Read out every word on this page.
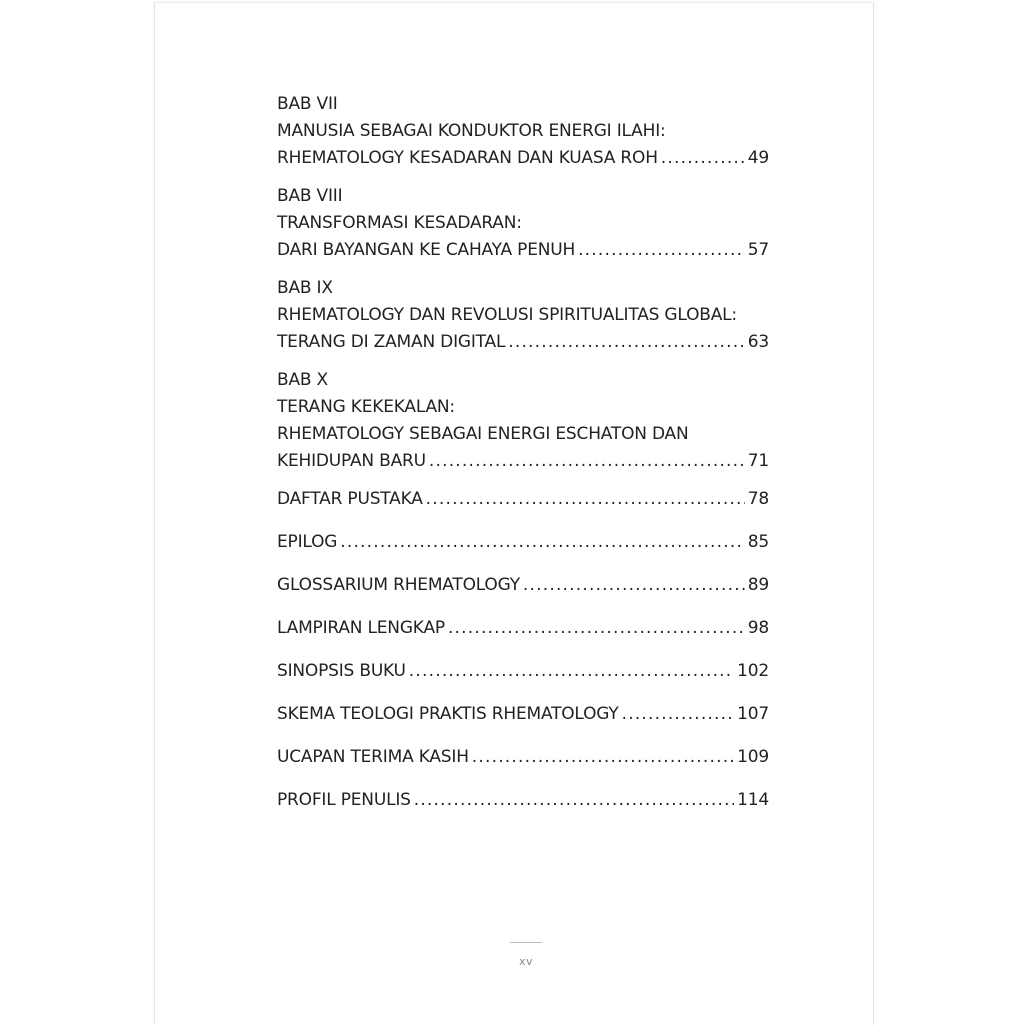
BAB VII
MANUSIA SEBAGAI KONDUKTOR ENERGI ILAHI:
RHEMATOLOGY KESADARAN DAN KUASA ROH .....	49
BAB VIII
TRANSFORMASI KESADARAN:
DARI BAYANGAN KE CAHAYA PENUH .....	57
BAB IX
RHEMATOLOGY DAN REVOLUSI SPIRITUALITAS GLOBAL:
TERANG DI ZAMAN DIGITAL .....	63
BAB X
TERANG KEKEKALAN:
RHEMATOLOGY SEBAGAI ENERGI ESCHATON DAN
KEHIDUPAN BARU .....	71
DAFTAR PUSTAKA .....	78
EPILOG .....	85
GLOSSARIUM RHEMATOLOGY .....	89
LAMPIRAN LENGKAP .....	98
SINOPSIS BUKU .....	102
SKEMA TEOLOGI PRAKTIS RHEMATOLOGY .....	107
UCAPAN TERIMA KASIH .....	109
PROFIL PENULIS .....	114
xv
